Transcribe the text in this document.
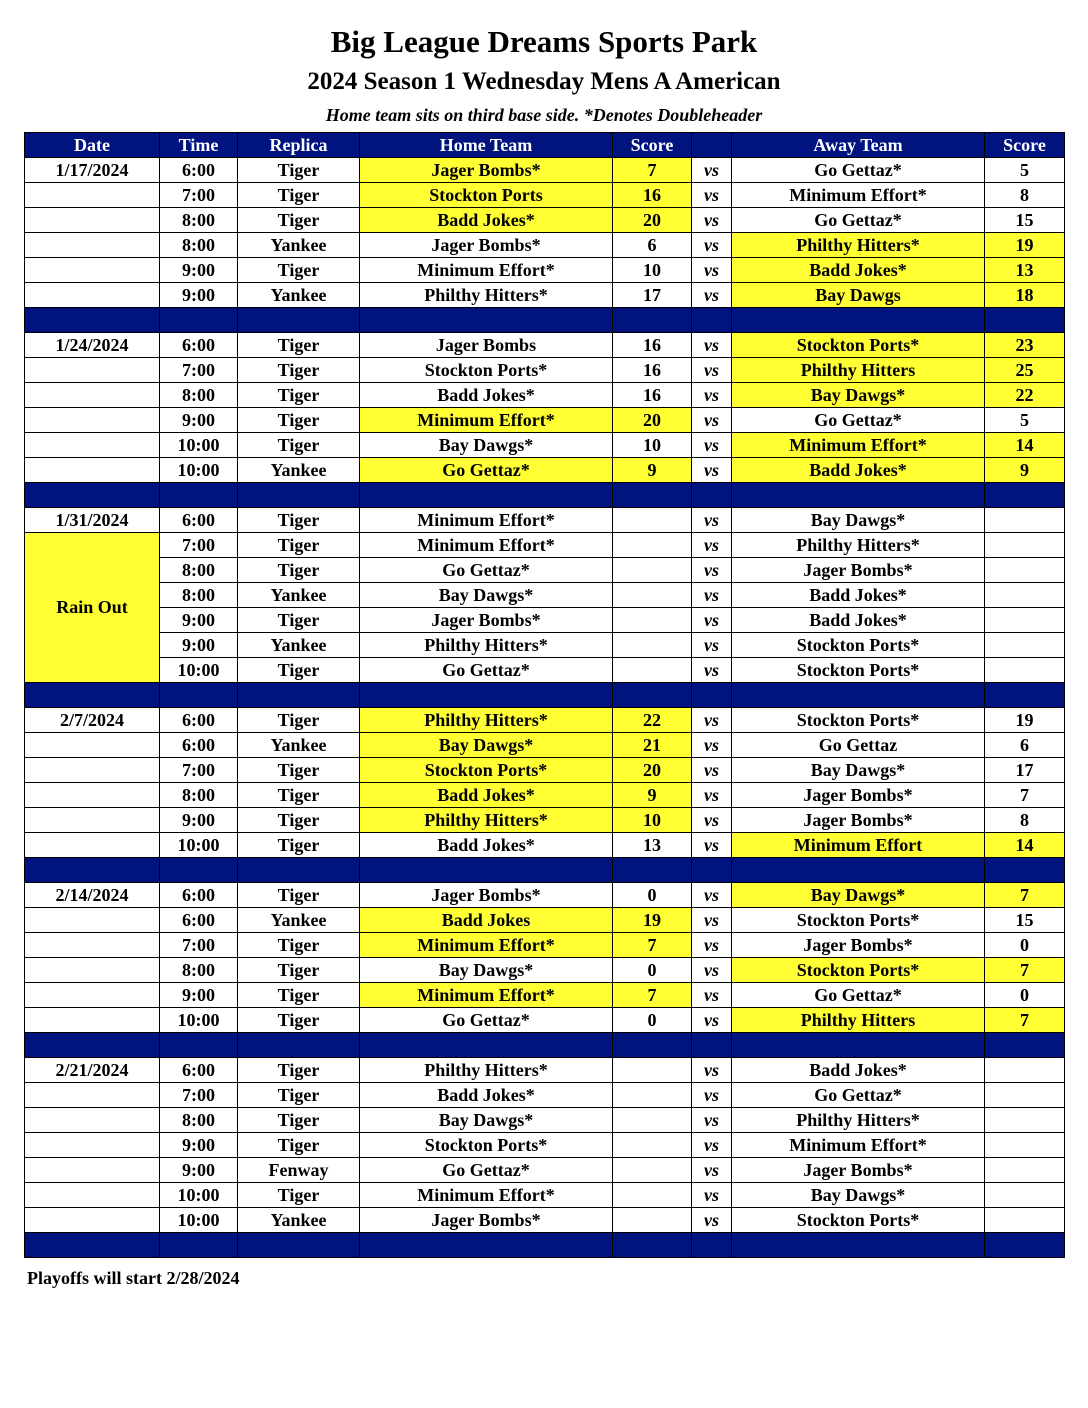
Big League Dreams Sports Park
2024 Season 1 Wednesday Mens A American
Home team sits on third base side. *Denotes Doubleheader
Date	Time	Replica	Home Team	Score		Away Team	Score
1/17/2024	6:00	Tiger	Jager Bombs*	7	vs	Go Gettaz*	5
	7:00	Tiger	Stockton Ports	16	vs	Minimum Effort*	8
	8:00	Tiger	Badd Jokes*	20	vs	Go Gettaz*	15
	8:00	Yankee	Jager Bombs*	6	vs	Philthy Hitters*	19
	9:00	Tiger	Minimum Effort*	10	vs	Badd Jokes*	13
	9:00	Yankee	Philthy Hitters*	17	vs	Bay Dawgs	18

1/24/2024	6:00	Tiger	Jager Bombs	16	vs	Stockton Ports*	23
	7:00	Tiger	Stockton Ports*	16	vs	Philthy Hitters	25
	8:00	Tiger	Badd Jokes*	16	vs	Bay Dawgs*	22
	9:00	Tiger	Minimum Effort*	20	vs	Go Gettaz*	5
	10:00	Tiger	Bay Dawgs*	10	vs	Minimum Effort*	14
	10:00	Yankee	Go Gettaz*	9	vs	Badd Jokes*	9

1/31/2024	6:00	Tiger	Minimum Effort*		vs	Bay Dawgs*	
Rain Out	7:00	Tiger	Minimum Effort*		vs	Philthy Hitters*	
	8:00	Tiger	Go Gettaz*		vs	Jager Bombs*	
	8:00	Yankee	Bay Dawgs*		vs	Badd Jokes*	
	9:00	Tiger	Jager Bombs*		vs	Badd Jokes*	
	9:00	Yankee	Philthy Hitters*		vs	Stockton Ports*	
	10:00	Tiger	Go Gettaz*		vs	Stockton Ports*	

2/7/2024	6:00	Tiger	Philthy Hitters*	22	vs	Stockton Ports*	19
	6:00	Yankee	Bay Dawgs*	21	vs	Go Gettaz	6
	7:00	Tiger	Stockton Ports*	20	vs	Bay Dawgs*	17
	8:00	Tiger	Badd Jokes*	9	vs	Jager Bombs*	7
	9:00	Tiger	Philthy Hitters*	10	vs	Jager Bombs*	8
	10:00	Tiger	Badd Jokes*	13	vs	Minimum Effort	14

2/14/2024	6:00	Tiger	Jager Bombs*	0	vs	Bay Dawgs*	7
	6:00	Yankee	Badd Jokes	19	vs	Stockton Ports*	15
	7:00	Tiger	Minimum Effort*	7	vs	Jager Bombs*	0
	8:00	Tiger	Bay Dawgs*	0	vs	Stockton Ports*	7
	9:00	Tiger	Minimum Effort*	7	vs	Go Gettaz*	0
	10:00	Tiger	Go Gettaz*	0	vs	Philthy Hitters	7

2/21/2024	6:00	Tiger	Philthy Hitters*		vs	Badd Jokes*	
	7:00	Tiger	Badd Jokes*		vs	Go Gettaz*	
	8:00	Tiger	Bay Dawgs*		vs	Philthy Hitters*	
	9:00	Tiger	Stockton Ports*		vs	Minimum Effort*	
	9:00	Fenway	Go Gettaz*		vs	Jager Bombs*	
	10:00	Tiger	Minimum Effort*		vs	Bay Dawgs*	
	10:00	Yankee	Jager Bombs*		vs	Stockton Ports*	

Playoffs will start 2/28/2024
